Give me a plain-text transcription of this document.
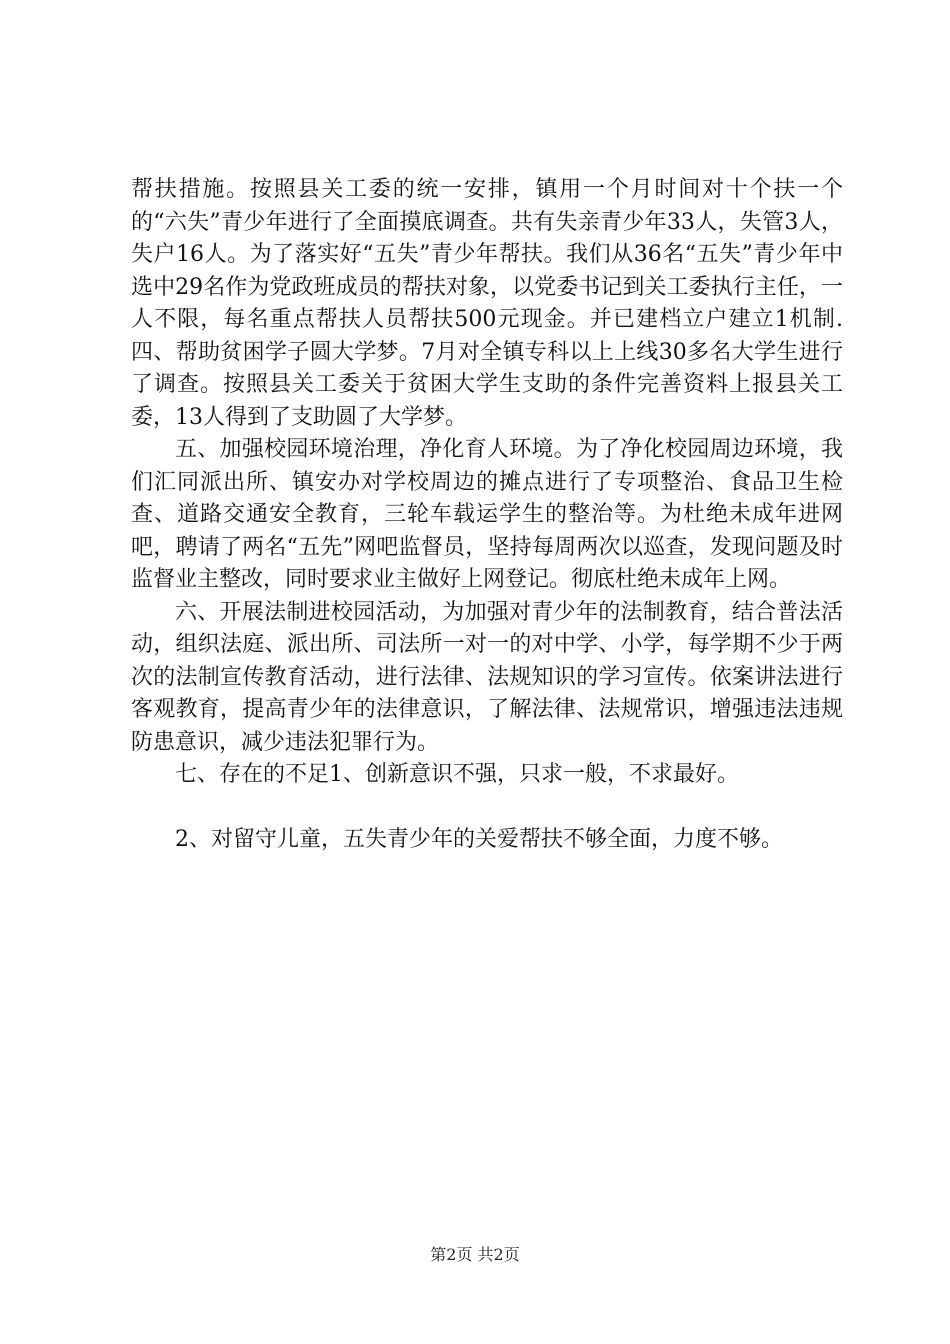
帮扶措施。按照县关工委的统一安排，镇用一个月时间对十个扶一个的“六失”青少年进行了全面摸底调查。共有失亲青少年33人，失管3人，失户16人。为了落实好“五失”青少年帮扶。我们从36名“五失”青少年中选中29名作为党政班成员的帮扶对象，以党委书记到关工委执行主任，一人不限，每名重点帮扶人员帮扶500元现金。并已建档立户建立1机制.四、帮助贫困学子圆大学梦。7月对全镇专科以上上线30多名大学生进行了调查。按照县关工委关于贫困大学生支助的条件完善资料上报县关工委，13人得到了支助圆了大学梦。

五、加强校园环境治理，净化育人环境。为了净化校园周边环境，我们汇同派出所、镇安办对学校周边的摊点进行了专项整治、食品卫生检查、道路交通安全教育，三轮车载运学生的整治等。为杜绝未成年进网吧，聘请了两名“五先”网吧监督员，坚持每周两次以巡查，发现问题及时监督业主整改，同时要求业主做好上网登记。彻底杜绝未成年上网。

六、开展法制进校园活动，为加强对青少年的法制教育，结合普法活动，组织法庭、派出所、司法所一对一的对中学、小学，每学期不少于两次的法制宣传教育活动，进行法律、法规知识的学习宣传。依案讲法进行客观教育，提高青少年的法律意识，了解法律、法规常识，增强违法违规防患意识，减少违法犯罪行为。

七、存在的不足1、创新意识不强，只求一般，不求最好。

2、对留守儿童，五失青少年的关爱帮扶不够全面，力度不够。

第2页 共2页
